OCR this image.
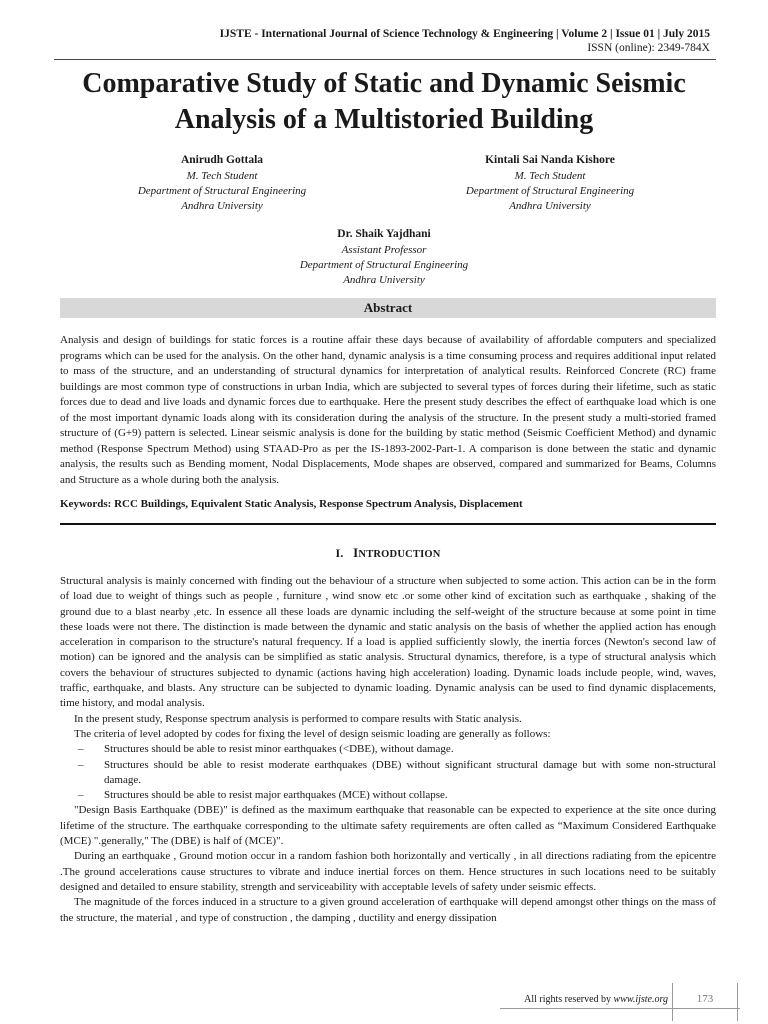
IJSTE - International Journal of Science Technology & Engineering | Volume 2 | Issue 01 | July 2015
ISSN (online): 2349-784X
Comparative Study of Static and Dynamic Seismic Analysis of a Multistoried Building
Anirudh Gottala
M. Tech Student
Department of Structural Engineering
Andhra University
Kintali Sai Nanda Kishore
M. Tech Student
Department of Structural Engineering
Andhra University
Dr. Shaik Yajdhani
Assistant Professor
Department of Structural Engineering
Andhra University
Abstract
Analysis and design of buildings for static forces is a routine affair these days because of availability of affordable computers and specialized programs which can be used for the analysis. On the other hand, dynamic analysis is a time consuming process and requires additional input related to mass of the structure, and an understanding of structural dynamics for interpretation of analytical results. Reinforced Concrete (RC) frame buildings are most common type of constructions in urban India, which are subjected to several types of forces during their lifetime, such as static forces due to dead and live loads and dynamic forces due to earthquake. Here the present study describes the effect of earthquake load which is one of the most important dynamic loads along with its consideration during the analysis of the structure. In the present study a multi-storied framed structure of (G+9) pattern is selected. Linear seismic analysis is done for the building by static method (Seismic Coefficient Method) and dynamic method (Response Spectrum Method) using STAAD-Pro as per the IS-1893-2002-Part-1. A comparison is done between the static and dynamic analysis, the results such as Bending moment, Nodal Displacements, Mode shapes are observed, compared and summarized for Beams, Columns and Structure as a whole during both the analysis.
Keywords: RCC Buildings, Equivalent Static Analysis, Response Spectrum Analysis, Displacement
I. INTRODUCTION

Structural analysis is mainly concerned with finding out the behaviour of a structure when subjected to some action. This action can be in the form of load due to weight of things such as people , furniture , wind snow etc .or some other kind of excitation such as earthquake , shaking of the ground due to a blast nearby ,etc. In essence all these loads are dynamic including the self-weight of the structure because at some point in time these loads were not there. The distinction is made between the dynamic and static analysis on the basis of whether the applied action has enough acceleration in comparison to the structure's natural frequency. If a load is applied sufficiently slowly, the inertia forces (Newton's second law of motion) can be ignored and the analysis can be simplified as static analysis. Structural dynamics, therefore, is a type of structural analysis which covers the behaviour of structures subjected to dynamic (actions having high acceleration) loading. Dynamic loads include people, wind, waves, traffic, earthquake, and blasts. Any structure can be subjected to dynamic loading. Dynamic analysis can be used to find dynamic displacements, time history, and modal analysis.

In the present study, Response spectrum analysis is performed to compare results with Static analysis.

The criteria of level adopted by codes for fixing the level of design seismic loading are generally as follows:

–	Structures should be able to resist minor earthquakes (<DBE), without damage.
–	Structures should be able to resist moderate earthquakes (DBE) without significant structural damage but with some non-structural damage.
–	Structures should be able to resist major earthquakes (MCE) without collapse.

"Design Basis Earthquake (DBE)" is defined as the maximum earthquake that reasonable can be expected to experience at the site once during lifetime of the structure. The earthquake corresponding to the ultimate safety requirements are often called as “Maximum Considered Earthquake (MCE) ".generally," The (DBE) is half of (MCE)".

During an earthquake , Ground motion occur in a random fashion both horizontally and vertically , in all directions radiating from the epicentre .The ground accelerations cause structures to vibrate and induce inertial forces on them. Hence structures in such locations need to be suitably designed and detailed to ensure stability, strength and serviceability with acceptable levels of safety under seismic effects.

The magnitude of the forces induced in a structure to a given ground acceleration of earthquake will depend amongst other things on the mass of the structure, the material , and type of construction , the damping , ductility and energy dissipation

All rights reserved by www.ijste.org	173
